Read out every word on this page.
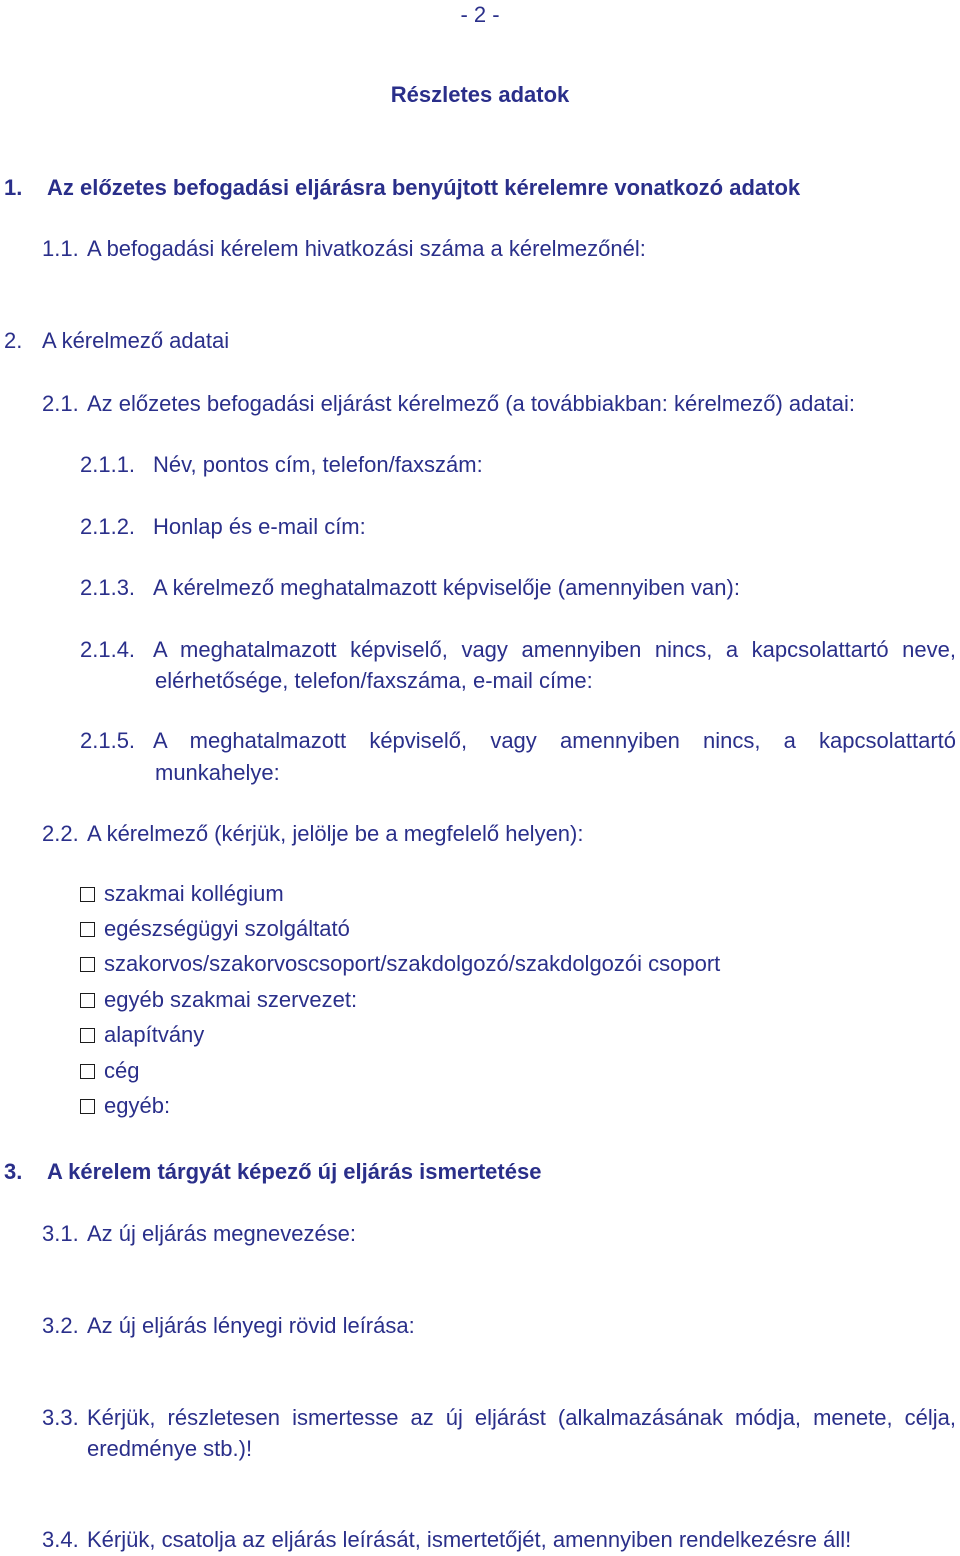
- 2 -
Részletes adatok
1. Az előzetes befogadási eljárásra benyújtott kérelemre vonatkozó adatok
1.1. A befogadási kérelem hivatkozási száma a kérelmezőnél:
2. A kérelmező adatai
2.1. Az előzetes befogadási eljárást kérelmező (a továbbiakban: kérelmező) adatai:
2.1.1. Név, pontos cím, telefon/faxszám:
2.1.2. Honlap és e-mail cím:
2.1.3. A kérelmező meghatalmazott képviselője (amennyiben van):
2.1.4. A meghatalmazott képviselő, vagy amennyiben nincs, a kapcsolattartó neve,
elérhetősége, telefon/faxszáma, e-mail címe:
2.1.5. A meghatalmazott képviselő, vagy amennyiben nincs, a kapcsolattartó
munkahelye:
2.2. A kérelmező (kérjük, jelölje be a megfelelő helyen):
szakmai kollégium
egészségügyi szolgáltató
szakorvos/szakorvoscsoport/szakdolgozó/szakdolgozói csoport
egyéb szakmai szervezet:
alapítvány
cég
egyéb:
3. A kérelem tárgyát képező új eljárás ismertetése
3.1. Az új eljárás megnevezése:
3.2. Az új eljárás lényegi rövid leírása:
3.3. Kérjük, részletesen ismertesse az új eljárást (alkalmazásának módja, menete, célja,
eredménye stb.)!
3.4. Kérjük, csatolja az eljárás leírását, ismertetőjét, amennyiben rendelkezésre áll!
